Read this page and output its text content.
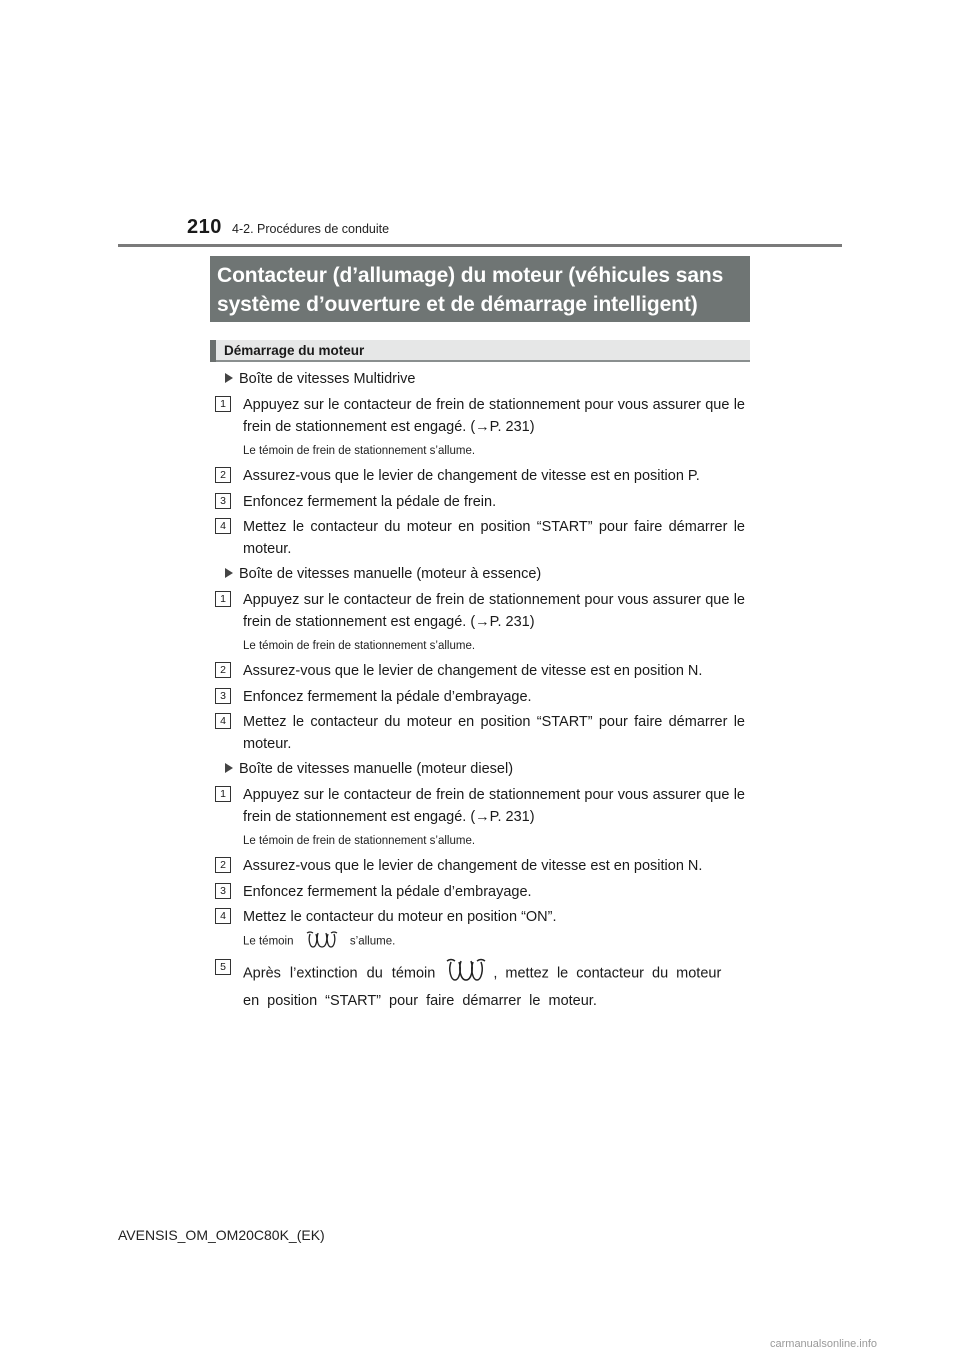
210 4-2. Procédures de conduite
Contacteur (d’allumage) du moteur (véhicules sans
système d’ouverture et de démarrage intelligent)
Démarrage du moteur
Boîte de vitesses Multidrive
1	Appuyez sur le contacteur de frein de stationnement pour vous assurer que le frein de stationnement est engagé. (→P. 231)
Le témoin de frein de stationnement s’allume.
2	Assurez-vous que le levier de changement de vitesse est en position P.
3	Enfoncez fermement la pédale de frein.
4	Mettez le contacteur du moteur en position “START” pour faire démarrer le moteur.
Boîte de vitesses manuelle (moteur à essence)
1	Appuyez sur le contacteur de frein de stationnement pour vous assurer que le frein de stationnement est engagé. (→P. 231)
Le témoin de frein de stationnement s’allume.
2	Assurez-vous que le levier de changement de vitesse est en position N.
3	Enfoncez fermement la pédale d’embrayage.
4	Mettez le contacteur du moteur en position “START” pour faire démarrer le moteur.
Boîte de vitesses manuelle (moteur diesel)
1	Appuyez sur le contacteur de frein de stationnement pour vous assurer que le frein de stationnement est engagé. (→P. 231)
Le témoin de frein de stationnement s’allume.
2	Assurez-vous que le levier de changement de vitesse est en position N.
3	Enfoncez fermement la pédale d’embrayage.
4	Mettez le contacteur du moteur en position “ON”.
Le témoin	s’allume.
5	Après l’extinction du témoin	, mettez le contacteur du moteur en position “START” pour faire démarrer le moteur.
AVENSIS_OM_OM20C80K_(EK)
carmanualsonline.info
